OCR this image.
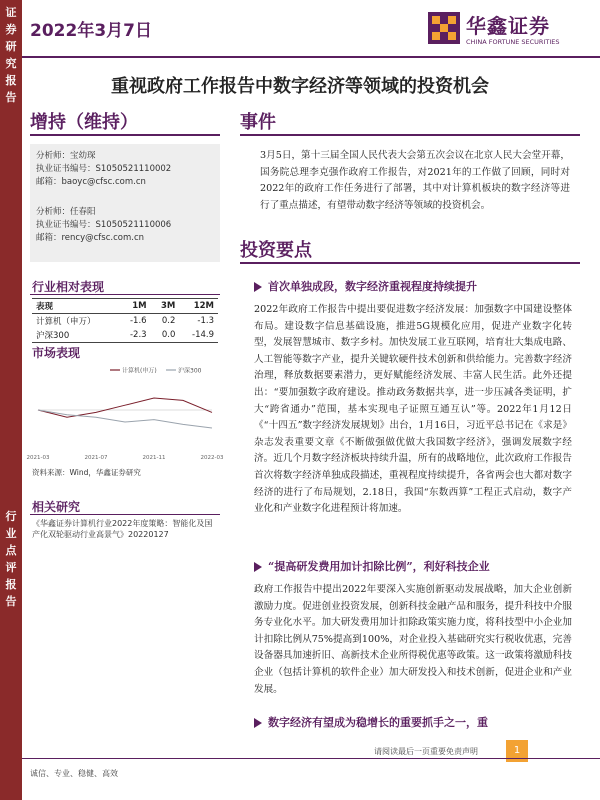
证
券
研
究
报
告
行
业
点
评
报
告
2022年3月7日	华鑫证券
CHINA FORTUNE SECURITIES
重视政府工作报告中数字经济等领域的投资机会
增持（维持）
分析师：宝幼琛
执业证书编号：S1050521110002
邮箱：baoyc@cfsc.com.cn
分析师：任春阳
执业证书编号：S1050521110006
邮箱：rency@cfsc.com.cn
行业相对表现
表现	1M	3M	12M
计算机（申万）	-1.6	0.2	-1.3
沪深300	-2.3	0.0	-14.9
市场表现
计算机(申万)	沪深300
2021-03	2021-07	2021-11	2022-03
资料来源：Wind，华鑫证券研究
相关研究
《华鑫证券计算机行业2022年度策略：智能化及国产化双轮驱动行业高景气》20220127
事件
3月5日，第十三届全国人民代表大会第五次会议在北京人民大会堂开幕，国务院总理李克强作政府工作报告，对2021年的工作做了回顾，同时对2022年的政府工作任务进行了部署，其中对计算机板块的数字经济等进行了重点描述，有望带动数字经济等领域的投资机会。
投资要点
首次单独成段，数字经济重视程度持续提升
2022年政府工作报告中提出要促进数字经济发展：加强数字中国建设整体布局。建设数字信息基础设施，推进5G规模化应用，促进产业数字化转型，发展智慧城市、数字乡村。加快发展工业互联网，培育壮大集成电路、人工智能等数字产业，提升关键软硬件技术创新和供给能力。完善数字经济治理，释放数据要素潜力，更好赋能经济发展、丰富人民生活。此外还提出：“要加强数字政府建设。推动政务数据共享，进一步压减各类证明，扩大“跨省通办”范围，基本实现电子证照互通互认”等。2022年1月12日《“十四五”数字经济发展规划》出台，1月16日，习近平总书记在《求是》杂志发表重要文章《不断做强做优做大我国数字经济》，强调发展数字经济。近几个月数字经济板块持续升温，所有的战略地位，此次政府工作报告首次将数字经济单独成段描述，重视程度持续提升，各省两会也大都对数字经济的进行了布局规划，2.18日，我国“东数西算”工程正式启动，数字产业化和产业数字化进程预计将加速。
“提高研发费用加计扣除比例”，利好科技企业
政府工作报告中提出2022年要深入实施创新驱动发展战略，加大企业创新激励力度。促进创业投资发展，创新科技金融产品和服务，提升科技中介服务专业化水平。加大研发费用加计扣除政策实施力度，将科技型中小企业加计扣除比例从75%提高到100%，对企业投入基础研究实行税收优惠，完善设备器具加速折旧、高新技术企业所得税优惠等政策。这一政策将激励科技企业（包括计算机的软件企业）加大研发投入和技术创新，促进企业和产业发展。
数字经济有望成为稳增长的重要抓手之一，重
请阅读最后一页重要免责声明	1
诚信、专业、稳健、高效
